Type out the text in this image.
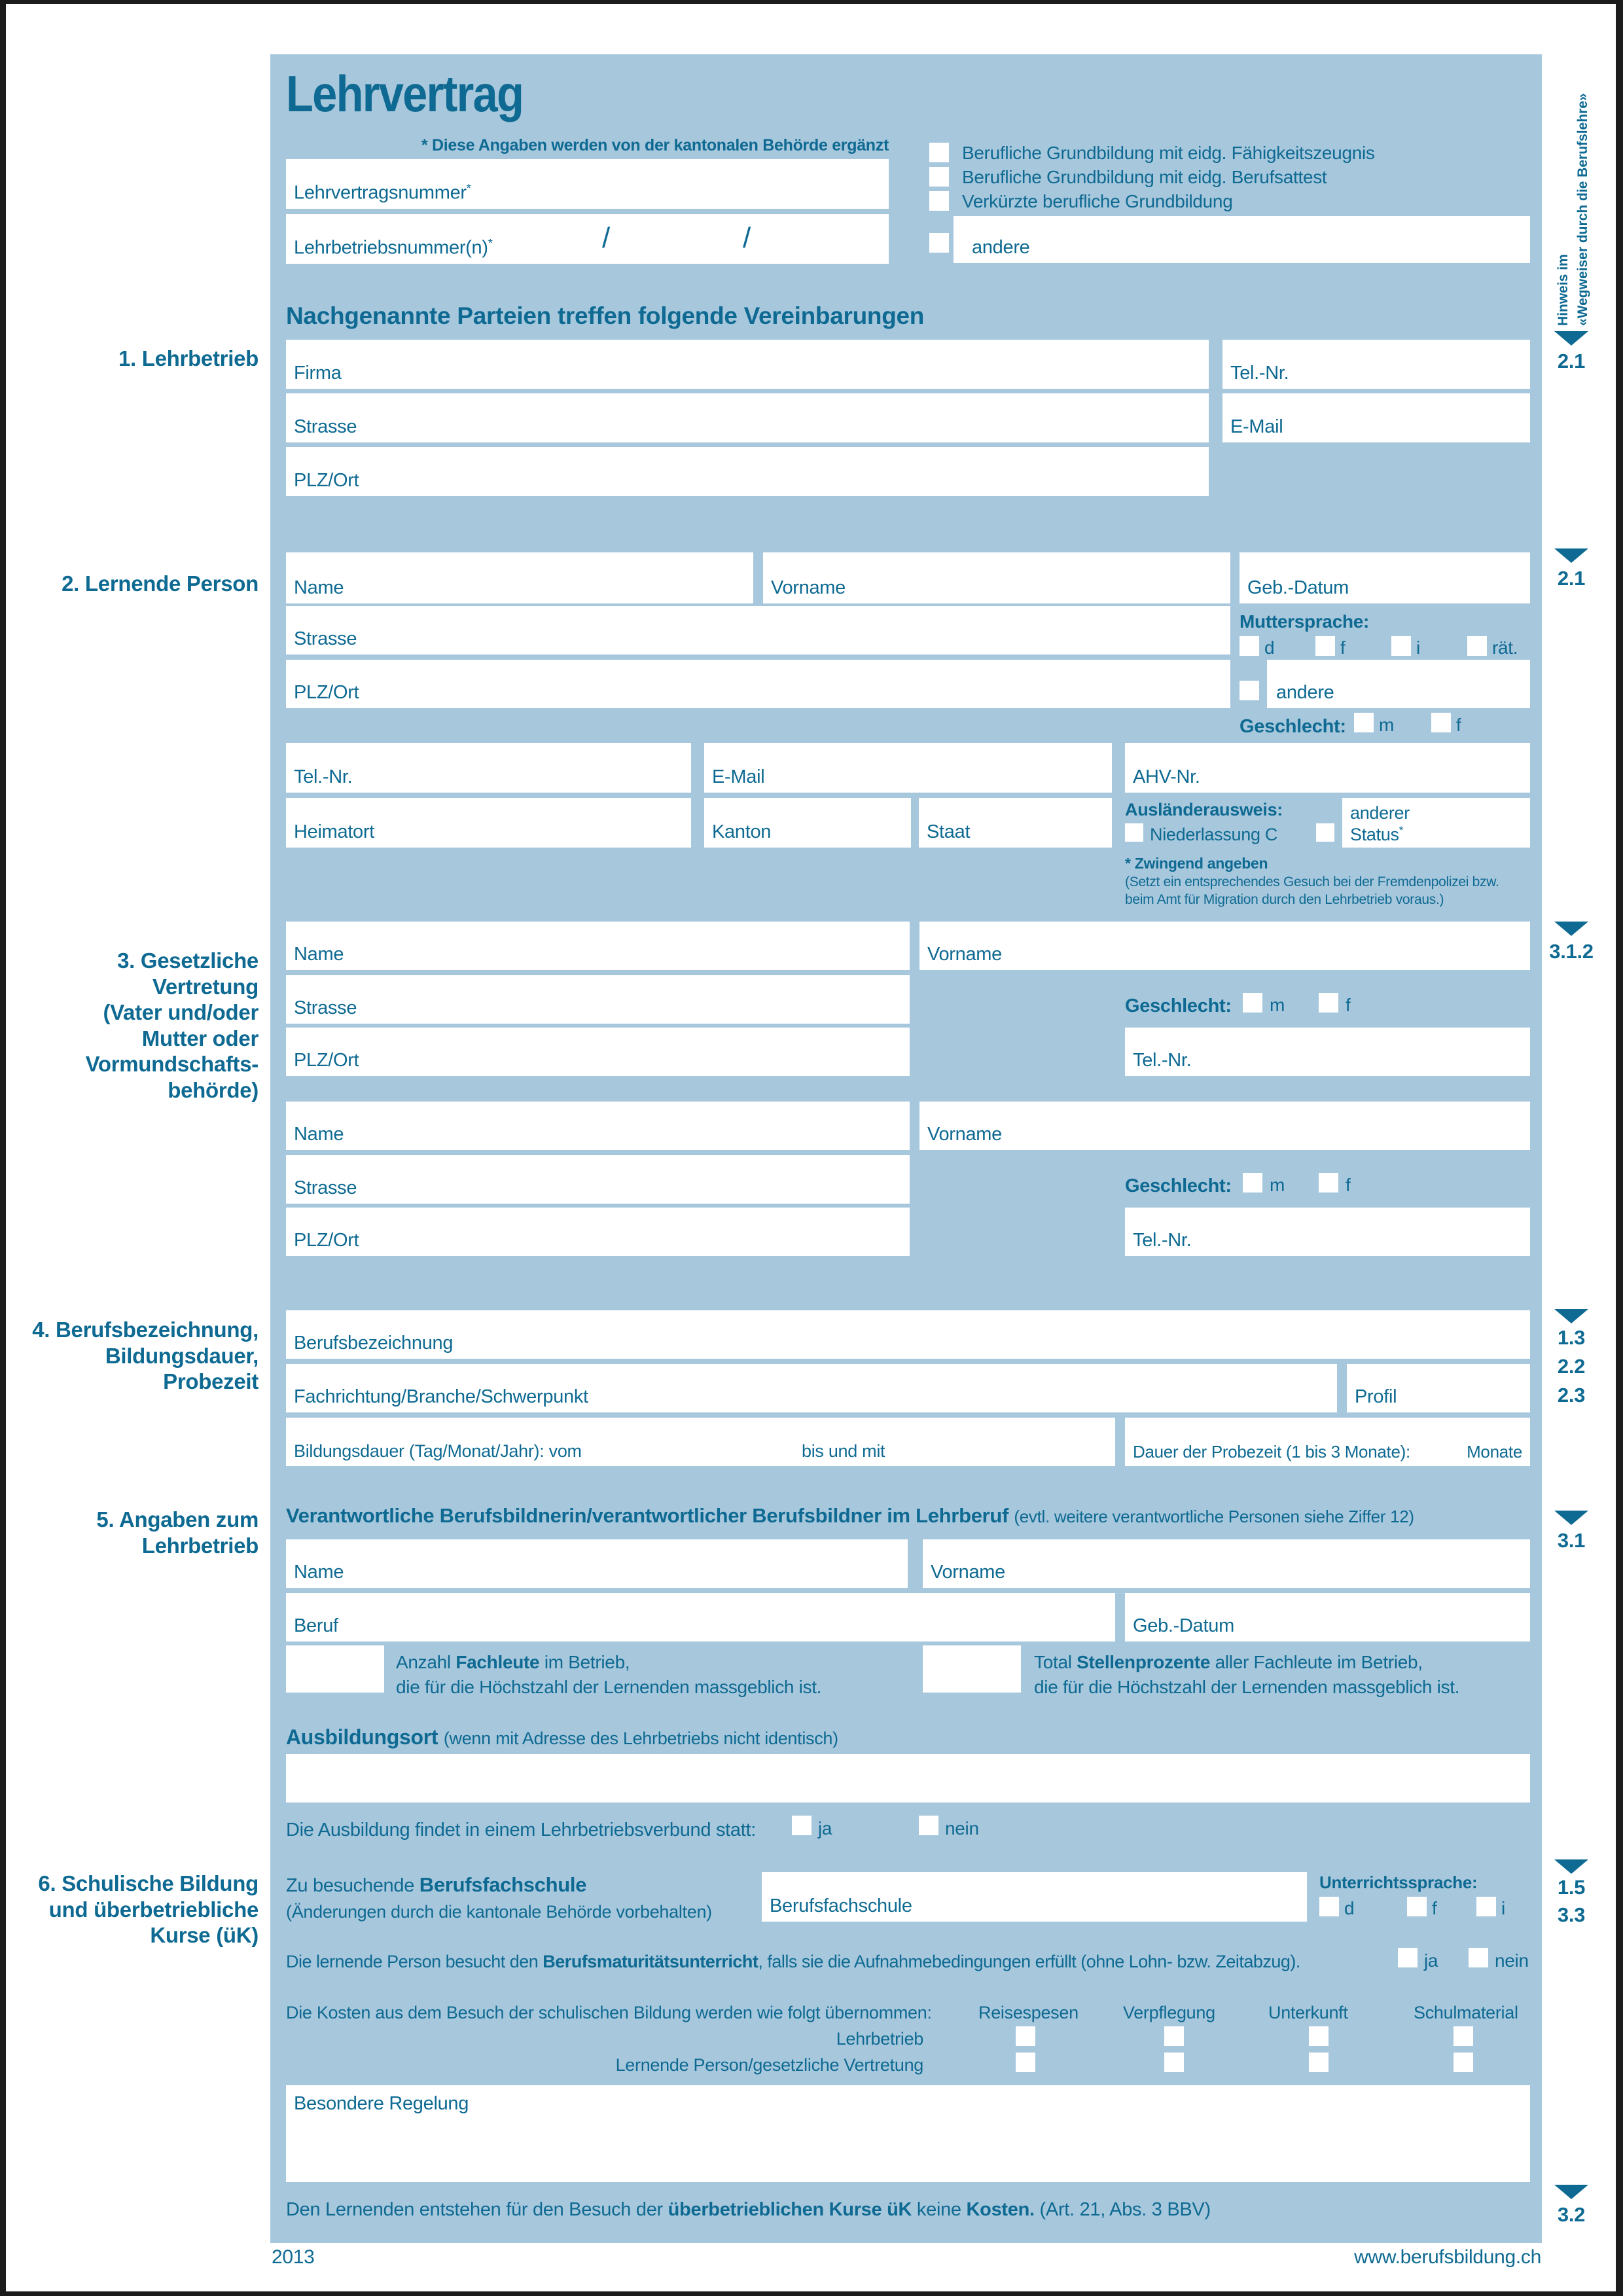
Lehrvertrag
* Diese Angaben werden von der kantonalen Behörde ergänzt
Lehrvertragsnummer*
Lehrbetriebsnummer(n)*	/	/
Berufliche Grundbildung mit eidg. Fähigkeitszeugnis
Berufliche Grundbildung mit eidg. Berufsattest
Verkürzte berufliche Grundbildung
andere
Nachgenannte Parteien treffen folgende Vereinbarungen
1. Lehrbetrieb
Firma	Tel.-Nr.
Strasse	E-Mail
PLZ/Ort
2. Lernende Person Name	Vorname	Geb.-Datum
Strasse
Muttersprache:
d	f	i	rät.
PLZ/Ort	andere
Geschlecht: m	f
Tel.-Nr.	E-Mail	AHV-Nr.
Heimatort	Kanton	Staat
Ausländerausweis:
Niederlassung C
anderer
Status*
* Zwingend angeben
(Setzt ein entsprechendes Gesuch bei der Fremdenpolizei bzw.
beim Amt für Migration durch den Lehrbetrieb voraus.)
3. Gesetzliche
Vertretung
(Vater und/oder
Mutter oder
Vormundschafts-
behörde)
Name	Vorname
Strasse	Geschlecht: m	f
PLZ/Ort	Tel.-Nr.
Name	Vorname
Strasse	Geschlecht: m	f
PLZ/Ort	Tel.-Nr.
4. Berufsbezeichnung,
Bildungsdauer,
Probezeit
Berufsbezeichnung
Fachrichtung/Branche/Schwerpunkt	Profil
Bildungsdauer (Tag/Monat/Jahr): vom	bis und mit	Dauer der Probezeit (1 bis 3 Monate):	Monate
5. Angaben zum
Lehrbetrieb
Verantwortliche Berufsbildnerin/verantwortlicher Berufsbildner im Lehrberuf (evtl. weitere verantwortliche Personen siehe Ziffer 12)
Name	Vorname
Beruf	Geb.-Datum
Anzahl Fachleute im Betrieb,
die für die Höchstzahl der Lernenden massgeblich ist.
Total Stellenprozente aller Fachleute im Betrieb,
die für die Höchstzahl der Lernenden massgeblich ist.
Ausbildungsort (wenn mit Adresse des Lehrbetriebs nicht identisch)
Die Ausbildung findet in einem Lehrbetriebsverbund statt:	ja	nein
6. Schulische Bildung
und überbetriebliche
Kurse (üK)
Zu besuchende Berufsfachschule
(Änderungen durch die kantonale Behörde vorbehalten)	Berufsfachschule
Unterrichtssprache:
d	f	i
Die lernende Person besucht den Berufsmaturitätsunterricht, falls sie die Aufnahmebedingungen erfüllt (ohne Lohn- bzw. Zeitabzug).	ja	nein
Die Kosten aus dem Besuch der schulischen Bildung werden wie folgt übernommen:	Reisespesen	Verpflegung	Unterkunft	Schulmaterial
Lehrbetrieb
Lernende Person/gesetzliche Vertretung
Besondere Regelung
Den Lernenden entstehen für den Besuch der überbetrieblichen Kurse üK keine Kosten. (Art. 21, Abs. 3 BBV)
Hinweis im «Wegweiser durch die Berufslehre»
2.1
2.1
3.1.2
1.3
2.2
2.3
3.1
1.5
3.3
3.2
2013	www.berufsbildung.ch
